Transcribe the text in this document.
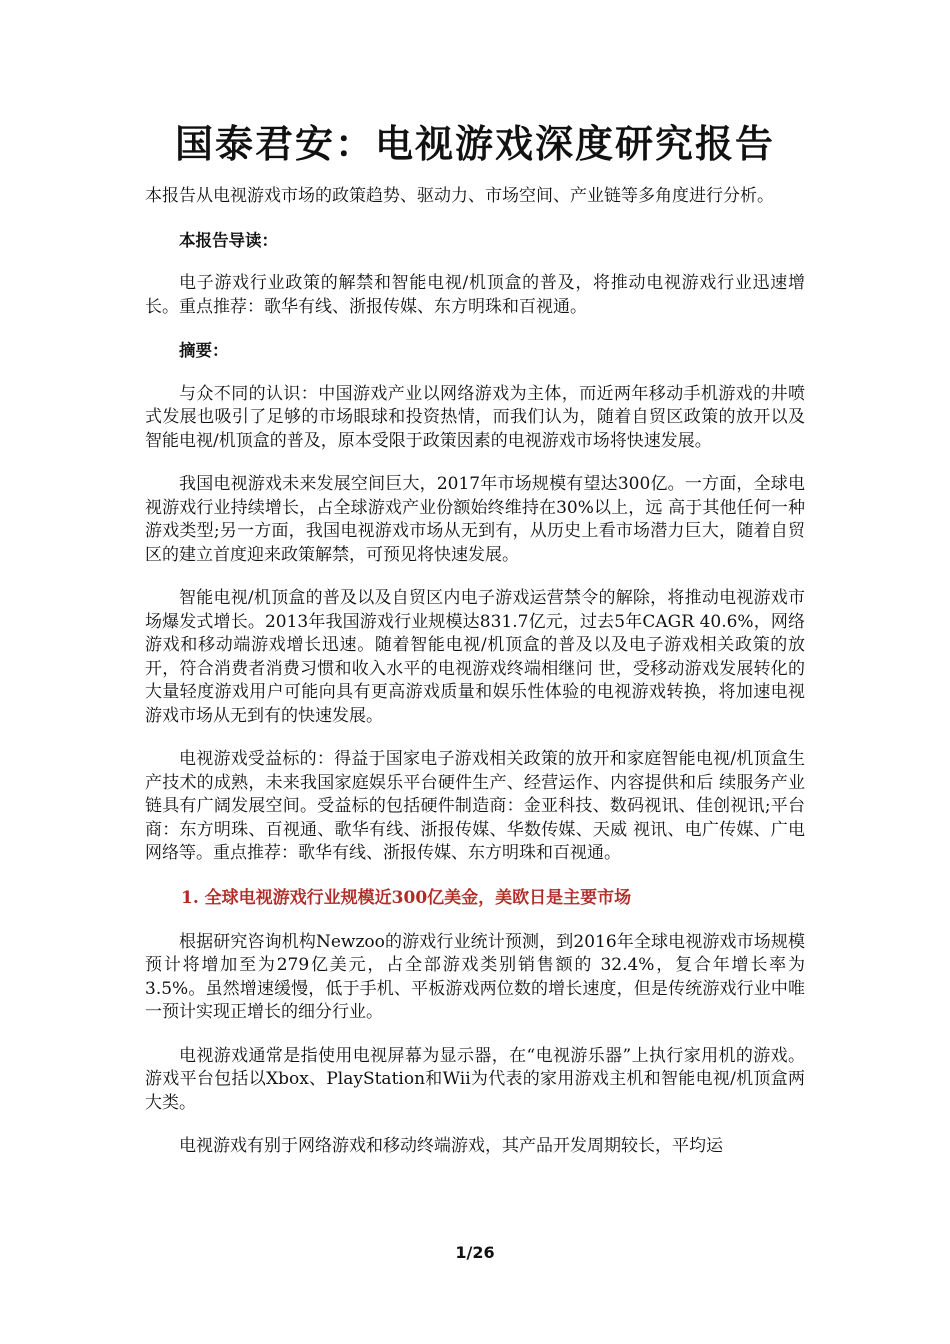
国泰君安：电视游戏深度研究报告

本报告从电视游戏市场的政策趋势、驱动力、市场空间、产业链等多角度进行分析。

本报告导读：

电子游戏行业政策的解禁和智能电视/机顶盒的普及，将推动电视游戏行业迅速增长。重点推荐：歌华有线、浙报传媒、东方明珠和百视通。

摘要：

与众不同的认识：中国游戏产业以网络游戏为主体，而近两年移动手机游戏的井喷式发展也吸引了足够的市场眼球和投资热情，而我们认为，随着自贸区政策的放开以及智能电视/机顶盒的普及，原本受限于政策因素的电视游戏市场将快速发展。

我国电视游戏未来发展空间巨大，2017年市场规模有望达300亿。一方面，全球电视游戏行业持续增长，占全球游戏产业份额始终维持在30%以上，远 高于其他任何一种游戏类型;另一方面，我国电视游戏市场从无到有，从历史上看市场潜力巨大，随着自贸区的建立首度迎来政策解禁，可预见将快速发展。

智能电视/机顶盒的普及以及自贸区内电子游戏运营禁令的解除，将推动电视游戏市场爆发式增长。2013年我国游戏行业规模达831.7亿元，过去5年CAGR 40.6%，网络游戏和移动端游戏增长迅速。随着智能电视/机顶盒的普及以及电子游戏相关政策的放开，符合消费者消费习惯和收入水平的电视游戏终端相继问 世，受移动游戏发展转化的大量轻度游戏用户可能向具有更高游戏质量和娱乐性体验的电视游戏转换，将加速电视游戏市场从无到有的快速发展。

电视游戏受益标的：得益于国家电子游戏相关政策的放开和家庭智能电视/机顶盒生产技术的成熟，未来我国家庭娱乐平台硬件生产、经营运作、内容提供和后 续服务产业链具有广阔发展空间。受益标的包括硬件制造商：金亚科技、数码视讯、佳创视讯;平台商：东方明珠、百视通、歌华有线、浙报传媒、华数传媒、天威 视讯、电广传媒、广电网络等。重点推荐：歌华有线、浙报传媒、东方明珠和百视通。

1. 全球电视游戏行业规模近300亿美金，美欧日是主要市场

根据研究咨询机构Newzoo的游戏行业统计预测，到2016年全球电视游戏市场规模预计将增加至为279亿美元，占全部游戏类别销售额的 32.4%，复合年增长率为3.5%。虽然增速缓慢，低于手机、平板游戏两位数的增长速度，但是传统游戏行业中唯一预计实现正增长的细分行业。

电视游戏通常是指使用电视屏幕为显示器，在“电视游乐器”上执行家用机的游戏。游戏平台包括以Xbox、PlayStation和Wii为代表的家用游戏主机和智能电视/机顶盒两大类。

电视游戏有别于网络游戏和移动终端游戏，其产品开发周期较长，平均运

1/26
